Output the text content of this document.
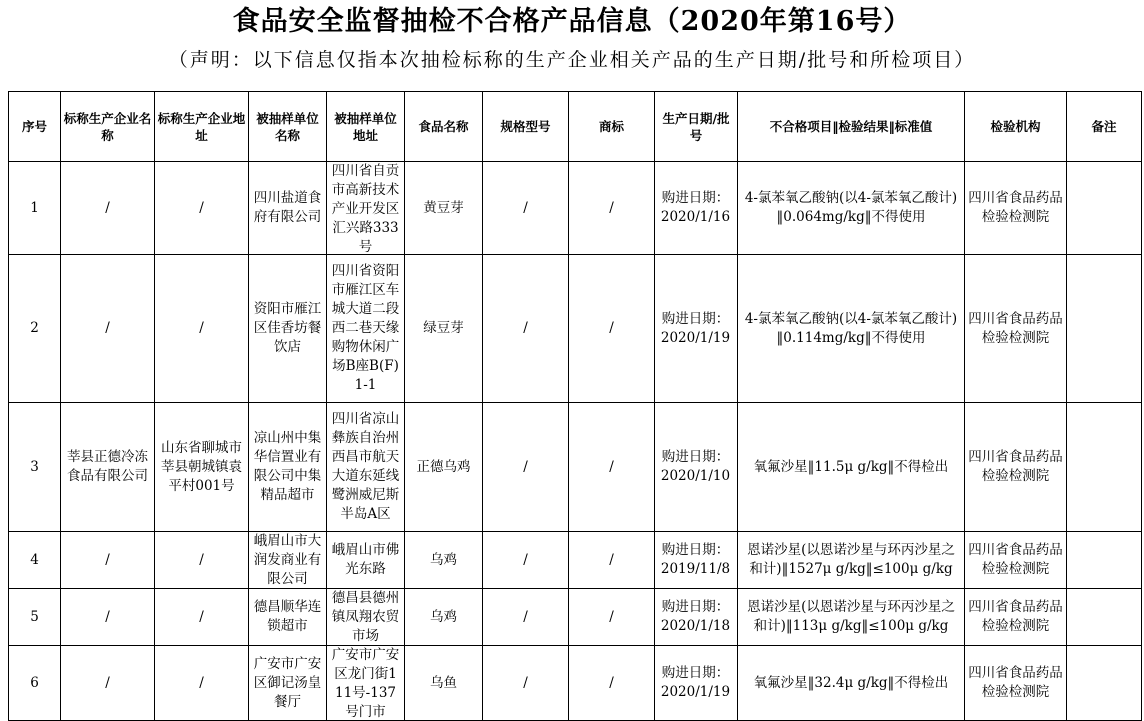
食品安全监督抽检不合格产品信息（2020年第16号）
（声明：以下信息仅指本次抽检标称的生产企业相关产品的生产日期/批号和所检项目）
序号	标称生产企业名称	标称生产企业地址	被抽样单位名称	被抽样单位地址	食品名称	规格型号	商标	生产日期/批号	不合格项目‖检验结果‖标准值	检验机构	备注

1	/	/	四川盐道食府有限公司	四川省自贡市高新技术产业开发区汇兴路333号	黄豆芽	/	/	购进日期：2020/1/16	4-氯苯氧乙酸钠(以4-氯苯氧乙酸计)‖0.064mg/kg‖不得使用	四川省食品药品检验检测院	

2	/	/	资阳市雁江区佳香坊餐饮店	四川省资阳市雁江区车城大道二段西二巷天缘购物休闲广场B座B(F)1-1	绿豆芽	/	/	购进日期：2020/1/19	4-氯苯氧乙酸钠(以4-氯苯氧乙酸计)‖0.114mg/kg‖不得使用	四川省食品药品检验检测院	

3	莘县正德冷冻食品有限公司	山东省聊城市莘县朝城镇袁平村001号	凉山州中集华信置业有限公司中集精品超市	四川省凉山彝族自治州西昌市航天大道东延线鹭洲威尼斯半岛A区	正德乌鸡	/	/	购进日期：2020/1/10	氧氟沙星‖11.5μ g/kg‖不得检出	四川省食品药品检验检测院	

4	/	/	峨眉山市大润发商业有限公司	峨眉山市佛光东路	乌鸡	/	/	购进日期：2019/11/8	恩诺沙星(以恩诺沙星与环丙沙星之和计)‖1527μ g/kg‖≤100μ g/kg	四川省食品药品检验检测院	

5	/	/	德昌顺华连锁超市	德昌县德州镇凤翔农贸市场	乌鸡	/	/	购进日期：2020/1/18	恩诺沙星(以恩诺沙星与环丙沙星之和计)‖113μ g/kg‖≤100μ g/kg	四川省食品药品检验检测院	

6	/	/	广安市广安区御记汤皇餐厅	广安市广安区龙门街111号-137号门市	乌鱼	/	/	购进日期：2020/1/19	氧氟沙星‖32.4μ g/kg‖不得检出	四川省食品药品检验检测院	
